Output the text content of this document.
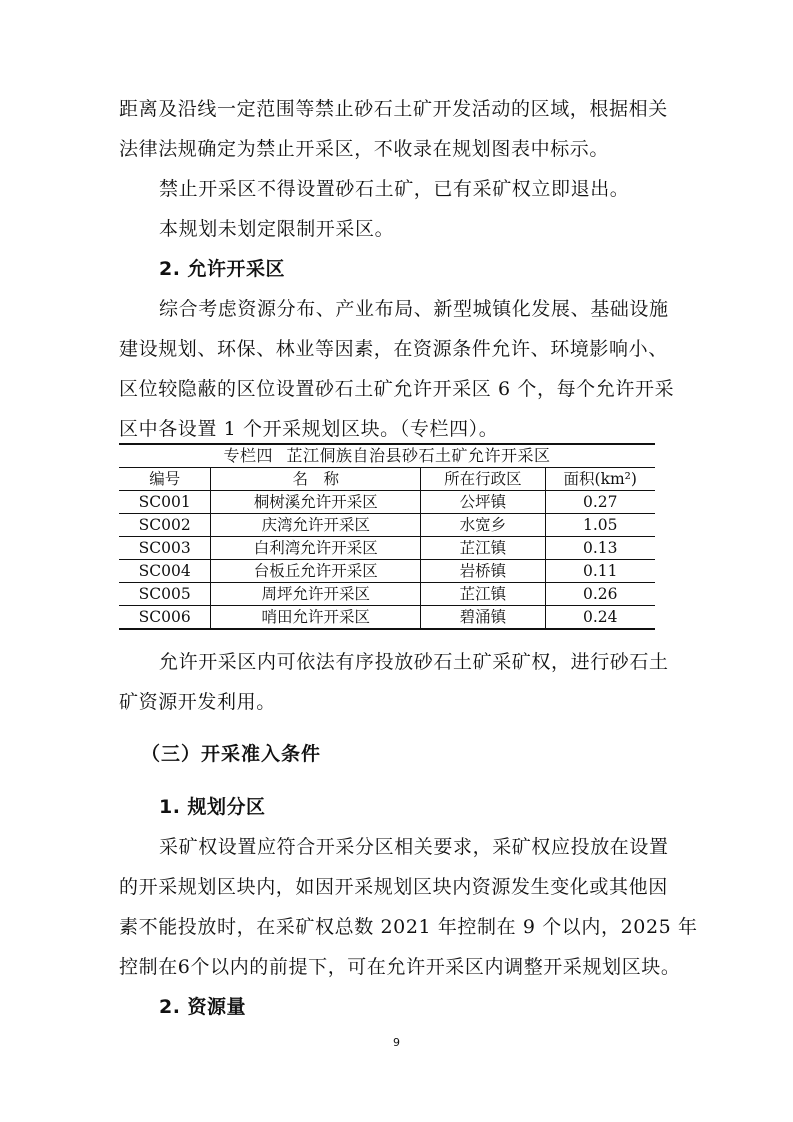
距离及沿线一定范围等禁止砂石土矿开发活动的区域，根据相关
法律法规确定为禁止开采区，不收录在规划图表中标示。
禁止开采区不得设置砂石土矿，已有采矿权立即退出。
本规划未划定限制开采区。
2. 允许开采区
综合考虑资源分布、产业布局、新型城镇化发展、基础设施
建设规划、环保、林业等因素，在资源条件允许、环境影响小、
区位较隐蔽的区位设置砂石土矿允许开采区 6 个，每个允许开采
区中各设置 1 个开采规划区块。（专栏四）。
专栏四 芷江侗族自治县砂石土矿允许开采区			
编号	名　称	所在行政区	面积(km²)
SC001	桐树溪允许开采区	公坪镇	0.27
SC002	庆湾允许开采区	水宽乡	1.05
SC003	白利湾允许开采区	芷江镇	0.13
SC004	台板丘允许开采区	岩桥镇	0.11
SC005	周坪允许开采区	芷江镇	0.26
SC006	哨田允许开采区	碧涌镇	0.24
允许开采区内可依法有序投放砂石土矿采矿权，进行砂石土
矿资源开发利用。
（三）开采准入条件
1. 规划分区
采矿权设置应符合开采分区相关要求，采矿权应投放在设置
的开采规划区块内，如因开采规划区块内资源发生变化或其他因
素不能投放时，在采矿权总数 2021 年控制在 9 个以内，2025 年
控制在6个以内的前提下，可在允许开采区内调整开采规划区块。
2. 资源量
9
